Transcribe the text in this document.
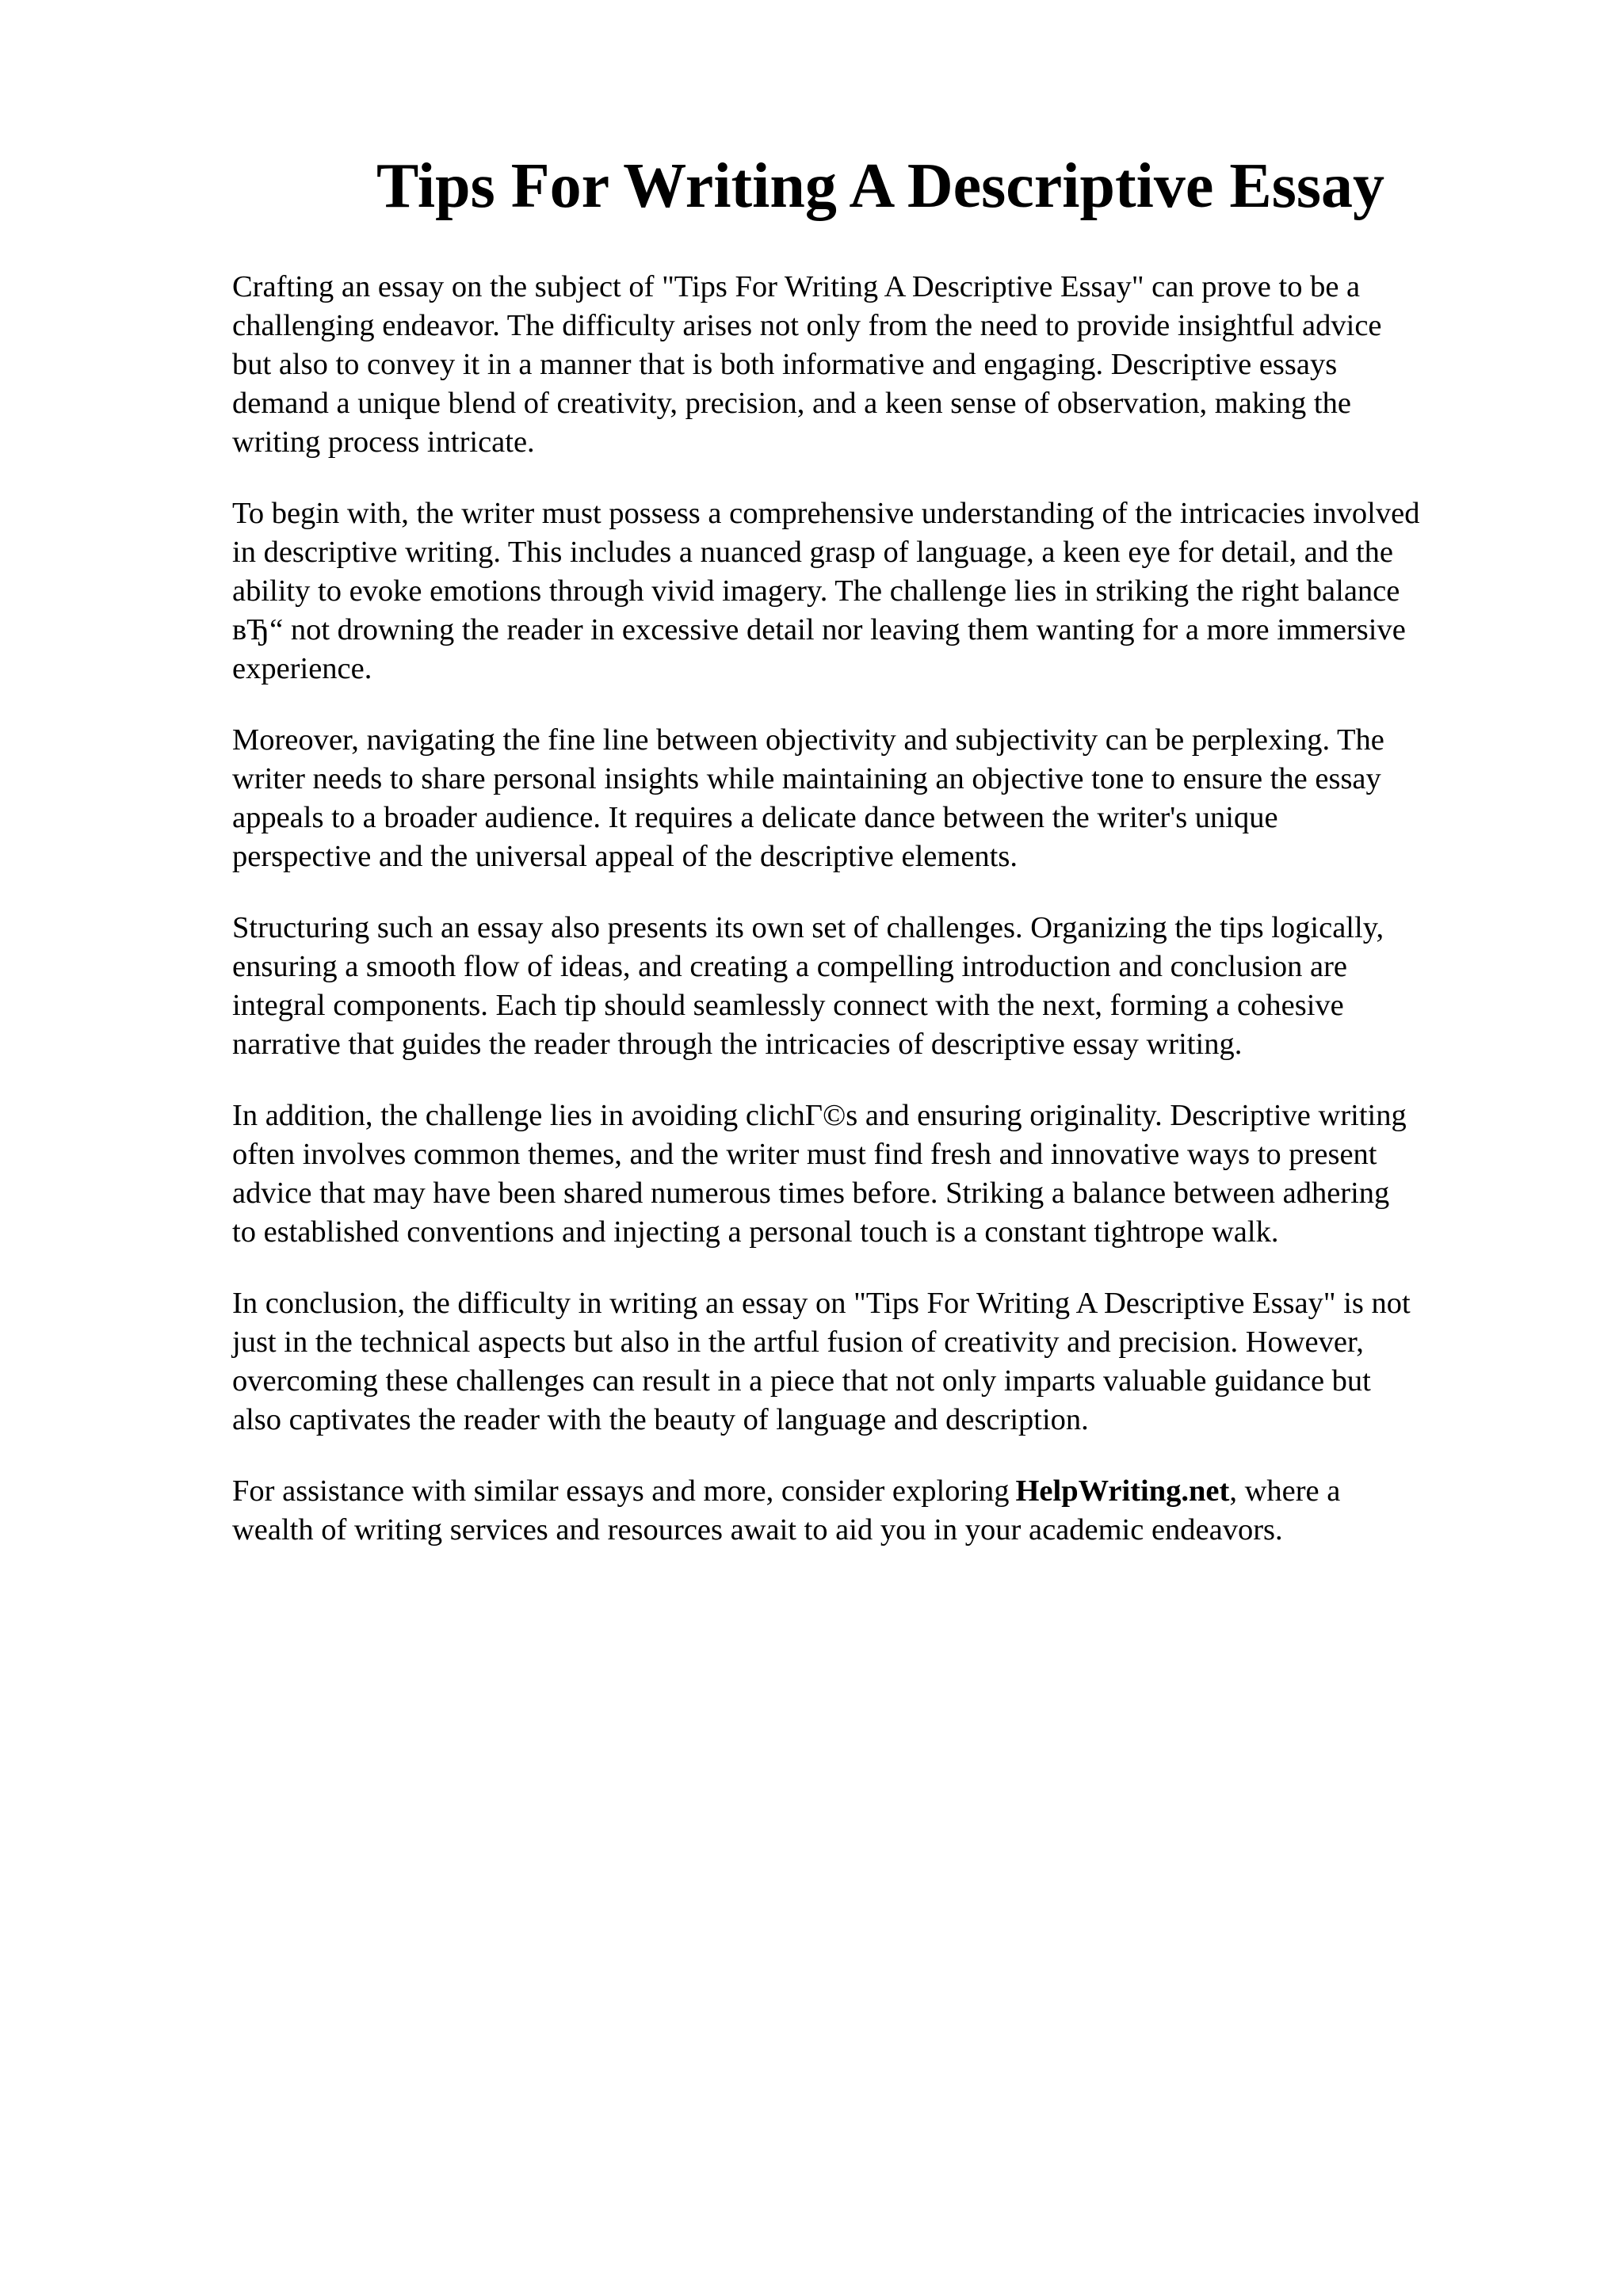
Tips For Writing A Descriptive Essay

Crafting an essay on the subject of "Tips For Writing A Descriptive Essay" can prove to be a
challenging endeavor. The difficulty arises not only from the need to provide insightful advice
but also to convey it in a manner that is both informative and engaging. Descriptive essays
demand a unique blend of creativity, precision, and a keen sense of observation, making the
writing process intricate.

To begin with, the writer must possess a comprehensive understanding of the intricacies involved
in descriptive writing. This includes a nuanced grasp of language, a keen eye for detail, and the
ability to evoke emotions through vivid imagery. The challenge lies in striking the right balance
вЂ“ not drowning the reader in excessive detail nor leaving them wanting for a more immersive
experience.

Moreover, navigating the fine line between objectivity and subjectivity can be perplexing. The
writer needs to share personal insights while maintaining an objective tone to ensure the essay
appeals to a broader audience. It requires a delicate dance between the writer's unique
perspective and the universal appeal of the descriptive elements.

Structuring such an essay also presents its own set of challenges. Organizing the tips logically,
ensuring a smooth flow of ideas, and creating a compelling introduction and conclusion are
integral components. Each tip should seamlessly connect with the next, forming a cohesive
narrative that guides the reader through the intricacies of descriptive essay writing.

In addition, the challenge lies in avoiding clichГ©s and ensuring originality. Descriptive writing
often involves common themes, and the writer must find fresh and innovative ways to present
advice that may have been shared numerous times before. Striking a balance between adhering
to established conventions and injecting a personal touch is a constant tightrope walk.

In conclusion, the difficulty in writing an essay on "Tips For Writing A Descriptive Essay" is not
just in the technical aspects but also in the artful fusion of creativity and precision. However,
overcoming these challenges can result in a piece that not only imparts valuable guidance but
also captivates the reader with the beauty of language and description.

For assistance with similar essays and more, consider exploring HelpWriting.net, where a
wealth of writing services and resources await to aid you in your academic endeavors.
